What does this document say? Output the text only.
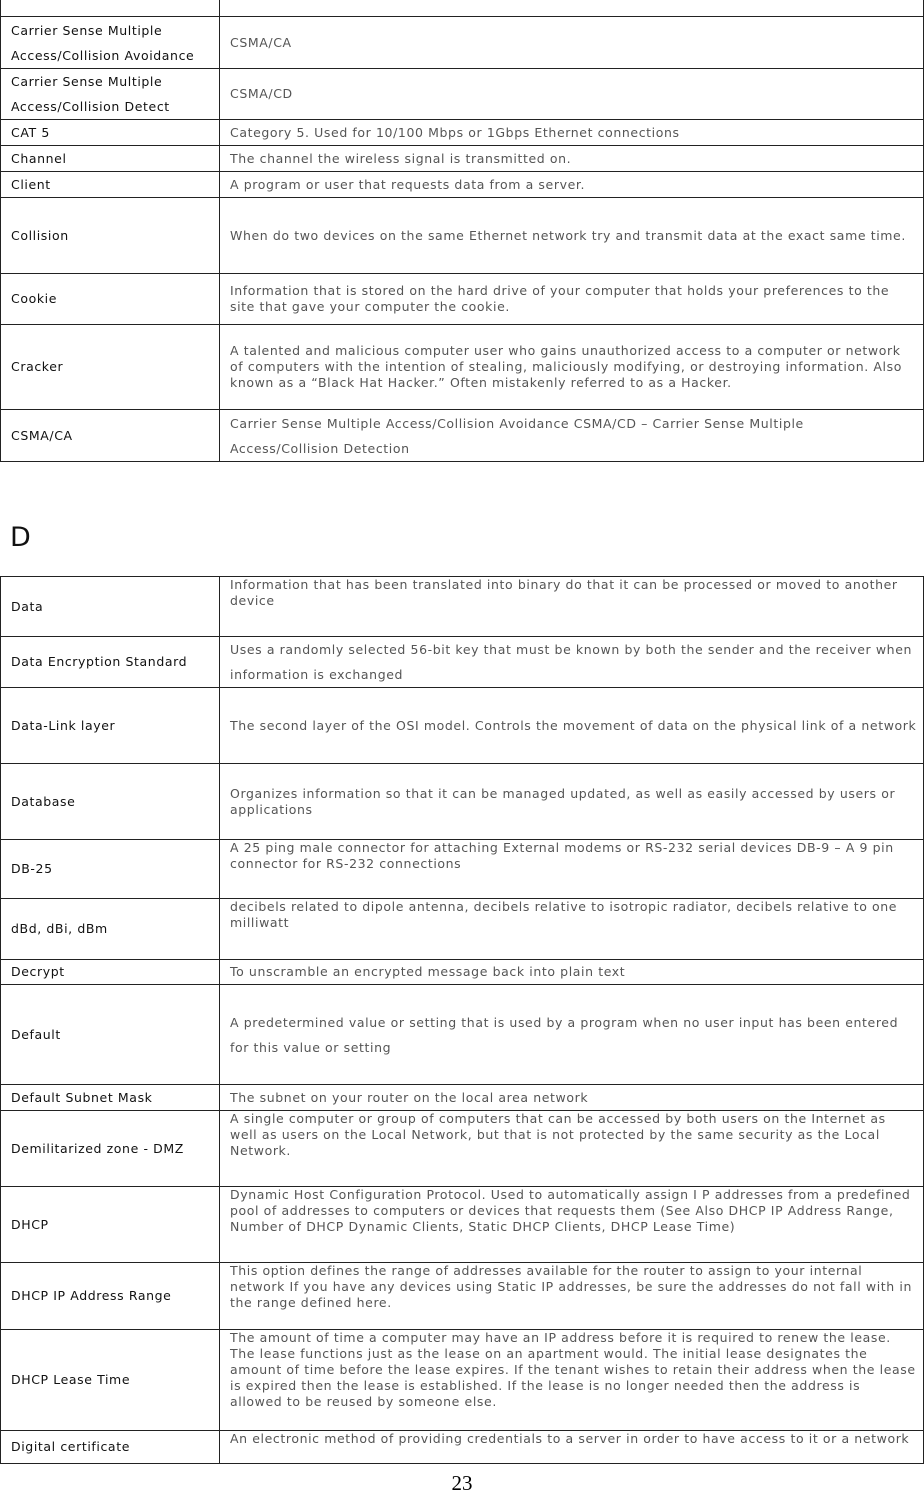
Carrier Sense Multiple Access/Collision Avoidance	CSMA/CA
Carrier Sense Multiple Access/Collision Detect	CSMA/CD
CAT 5	Category 5. Used for 10/100 Mbps or 1Gbps Ethernet connections
Channel	The channel the wireless signal is transmitted on.
Client	A program or user that requests data from a server.
Collision	When do two devices on the same Ethernet network try and transmit data at the exact same time.
Cookie	Information that is stored on the hard drive of your computer that holds your preferences to the site that gave your computer the cookie.
Cracker	A talented and malicious computer user who gains unauthorized access to a computer or network of computers with the intention of stealing, maliciously modifying, or destroying information. Also known as a “Black Hat Hacker.” Often mistakenly referred to as a Hacker.
CSMA/CA	Carrier Sense Multiple Access/Collision Avoidance CSMA/CD – Carrier Sense Multiple Access/Collision Detection
D
Data	Information that has been translated into binary do that it can be processed or moved to another device
Data Encryption Standard	Uses a randomly selected 56-bit key that must be known by both the sender and the receiver when information is exchanged
Data-Link layer	The second layer of the OSI model. Controls the movement of data on the physical link of a network
Database	Organizes information so that it can be managed updated, as well as easily accessed by users or applications
DB-25	A 25 ping male connector for attaching External modems or RS-232 serial devices DB-9 – A 9 pin connector for RS-232 connections
dBd, dBi, dBm	decibels related to dipole antenna, decibels relative to isotropic radiator, decibels relative to one milliwatt
Decrypt	To unscramble an encrypted message back into plain text
Default	A predetermined value or setting that is used by a program when no user input has been entered for this value or setting
Default Subnet Mask	The subnet on your router on the local area network
Demilitarized zone - DMZ	A single computer or group of computers that can be accessed by both users on the Internet as well as users on the Local Network, but that is not protected by the same security as the Local Network.
DHCP	Dynamic Host Configuration Protocol. Used to automatically assign I P addresses from a predefined pool of addresses to computers or devices that requests them (See Also DHCP IP Address Range, Number of DHCP Dynamic Clients, Static DHCP Clients, DHCP Lease Time)
DHCP IP Address Range	This option defines the range of addresses available for the router to assign to your internal network If you have any devices using Static IP addresses, be sure the addresses do not fall with in the range defined here.
DHCP Lease Time	The amount of time a computer may have an IP address before it is required to renew the lease. The lease functions just as the lease on an apartment would. The initial lease designates the amount of time before the lease expires. If the tenant wishes to retain their address when the lease is expired then the lease is established. If the lease is no longer needed then the address is allowed to be reused by someone else.
Digital certificate	An electronic method of providing credentials to a server in order to have access to it or a network
23
